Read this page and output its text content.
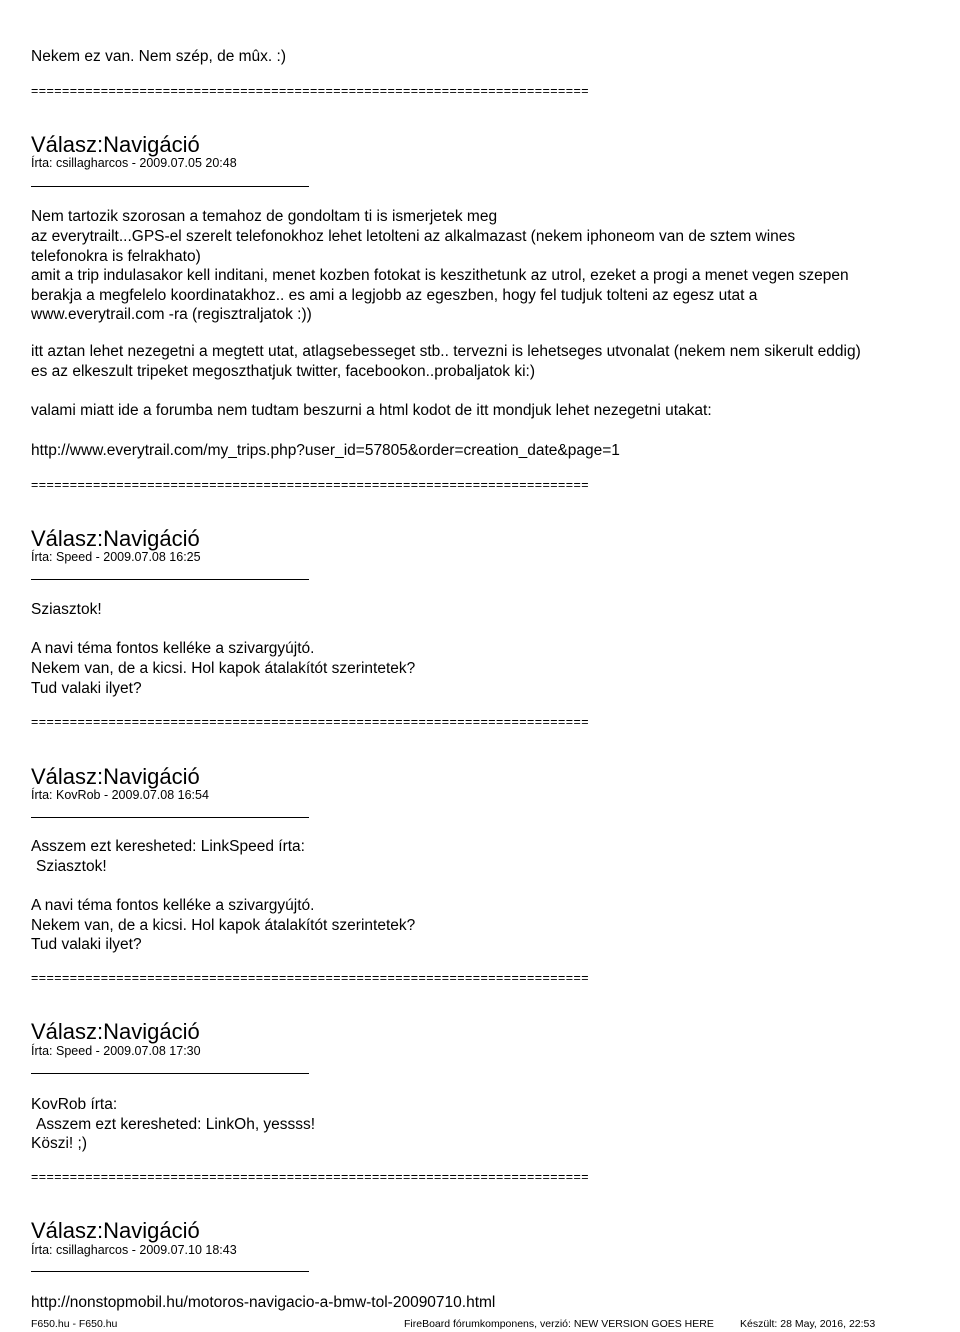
Nekem ez van. Nem szép, de mûx. :)
========================================================================
Válasz:Navigáció
Írta: csillagharcos - 2009.07.05 20:48
Nem tartozik szorosan a temahoz de gondoltam ti is ismerjetek meg
az everytrailt...GPS-el szerelt telefonokhoz lehet letolteni az alkalmazast (nekem iphoneom van de sztem wines
telefonokra is felrakhato)
amit a trip indulasakor kell inditani, menet kozben fotokat is keszithetunk az utrol, ezeket a progi a menet vegen szepen
berakja a megfelelo koordinatakhoz.. es ami a legjobb az egeszben, hogy fel tudjuk tolteni az egesz utat a
www.everytrail.com -ra (regisztraljatok :))
itt aztan lehet nezegetni a megtett utat, atlagsebesseget stb.. tervezni is lehetseges utvonalat (nekem nem sikerult eddig)
es az elkeszult tripeket megoszthatjuk twitter, facebookon..probaljatok ki:)
valami miatt ide a forumba nem tudtam beszurni a html kodot de itt mondjuk lehet nezegetni utakat:
http://www.everytrail.com/my_trips.php?user_id=57805&order=creation_date&page=1
========================================================================
Válasz:Navigáció
Írta: Speed - 2009.07.08 16:25
Sziasztok!
A navi téma fontos kelléke a szivargyújtó.
Nekem van, de a kicsi. Hol kapok átalakítót szerintetek?
Tud valaki ilyet?
========================================================================
Válasz:Navigáció
Írta: KovRob - 2009.07.08 16:54
Asszem ezt keresheted: LinkSpeed írta:
Sziasztok!
A navi téma fontos kelléke a szivargyújtó.
Nekem van, de a kicsi. Hol kapok átalakítót szerintetek?
Tud valaki ilyet?
========================================================================
Válasz:Navigáció
Írta: Speed - 2009.07.08 17:30
KovRob írta:
Asszem ezt keresheted: LinkOh, yessss!
Köszi! ;)
========================================================================
Válasz:Navigáció
Írta: csillagharcos - 2009.07.10 18:43
http://nonstopmobil.hu/motoros-navigacio-a-bmw-tol-20090710.html
F650.hu - F650.hu	FireBoard fórumkomponens, verzió: NEW VERSION GOES HERE Készült: 28 May, 2016, 22:53
